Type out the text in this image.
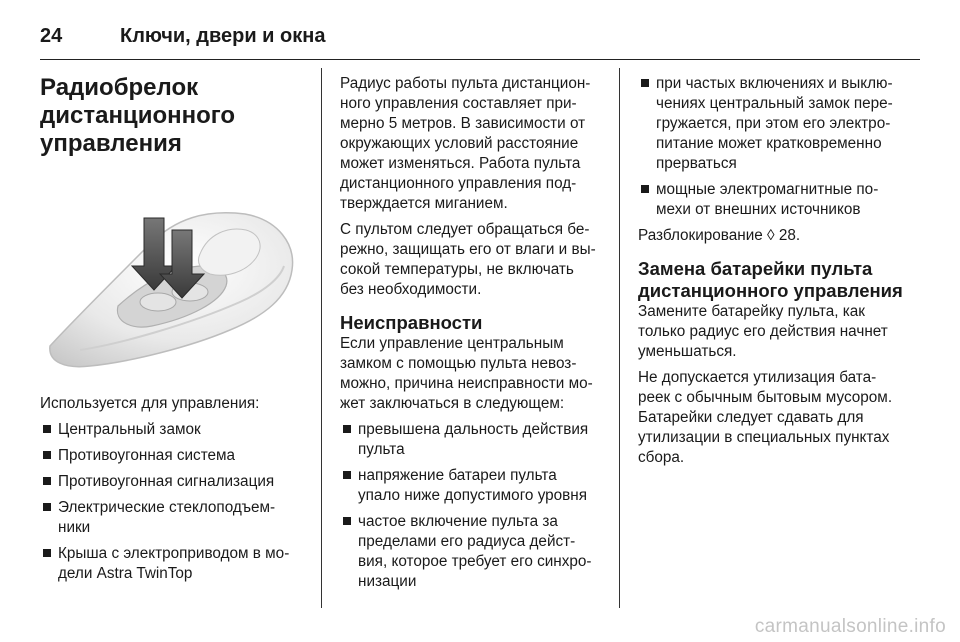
24	Ключи, двери и окна
Радиобрелок
дистанционного
управления

Используется для управления:

Центральный замок
Противоугонная система
Противоугонная сигнализация
Электрические стеклоподъем-
ники
Крыша с электроприводом в мо-
дели Astra TwinTop

Радиус работы пульта дистанцион-
ного управления составляет при-
мерно 5 метров. В зависимости от
окружающих условий расстояние
может изменяться. Работа пульта
дистанционного управления под-
тверждается миганием.

С пультом следует обращаться бе-
режно, защищать его от влаги и вы-
сокой температуры, не включать
без необходимости.

Неисправности

Если управление центральным
замком с помощью пульта невоз-
можно, причина неисправности мо-
жет заключаться в следующем:

превышена дальность действия
пульта
напряжение батареи пульта
упало ниже допустимого уровня
частое включение пульта за
пределами его радиуса дейст-
вия, которое требует его синхро-
низации
при частых включениях и выклю-
чениях центральный замок пере-
гружается, при этом его электро-
питание может кратковременно
прерваться
мощные электромагнитные по-
мехи от внешних источников

Разблокирование ◊ 28.

Замена батарейки пульта
дистанционного управления

Замените батарейку пульта, как
только радиус его действия начнет
уменьшаться.

Не допускается утилизация бата-
реек с обычным бытовым мусором.
Батарейки следует сдавать для
утилизации в специальных пунктах
сбора.

carmanualsonline.info
